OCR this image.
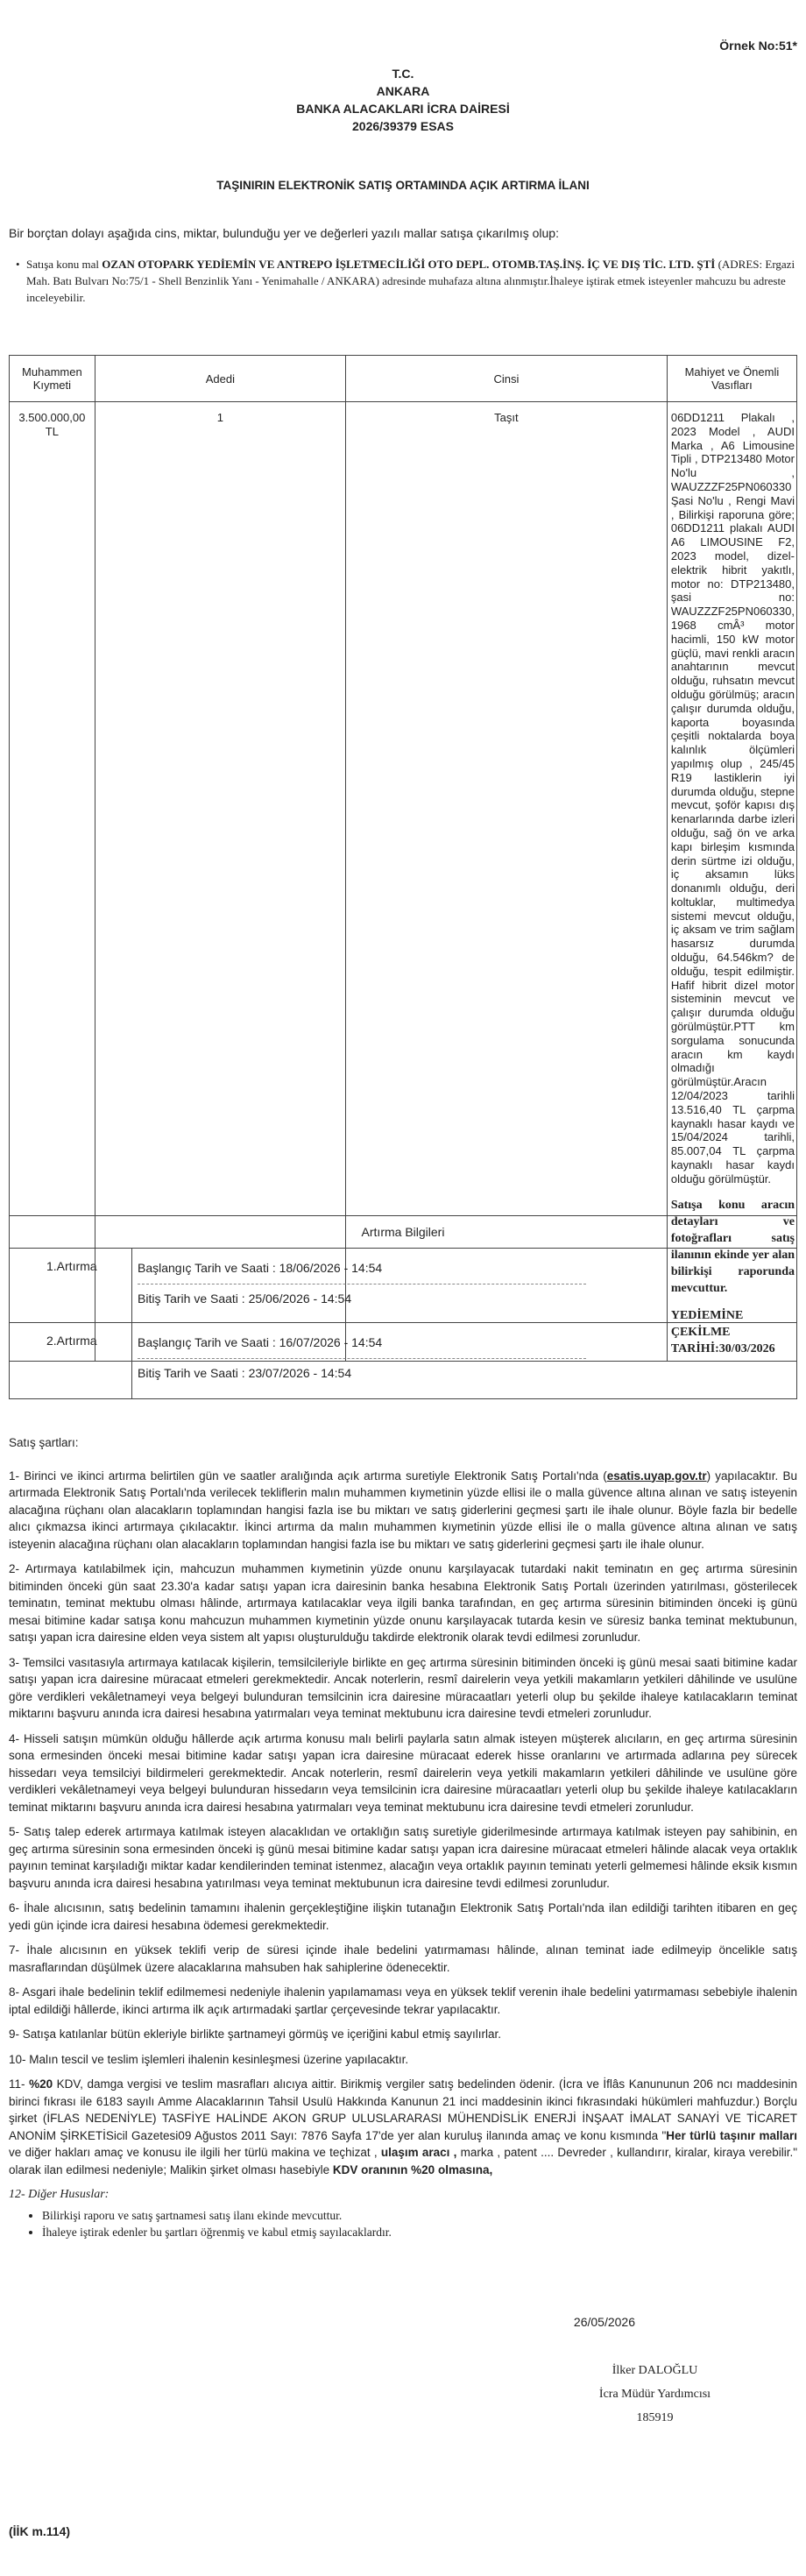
Örnek No:51*
T.C.
ANKARA
BANKA ALACAKLARI İCRA DAİRESİ
2026/39379 ESAS
TAŞINIRIN ELEKTRONİK SATIŞ ORTAMINDA AÇIK ARTIRMA İLANI
Bir borçtan dolayı aşağıda cins, miktar, bulunduğu yer ve değerleri yazılı mallar satışa çıkarılmış olup:
• Satışa konu mal OZAN OTOPARK YEDİEMİN VE ANTREPO İŞLETMECİLİĞİ OTO DEPL. OTOMB.TAŞ.İNŞ. İÇ VE DIŞ TİC. LTD. ŞTİ (ADRES: Ergazi Mah. Batı Bulvarı No:75/1 - Shell Benzinlik Yanı - Yenimahalle / ANKARA) adresinde muhafaza altına alınmıştır.İhaleye iştirak etmek isteyenler mahcuzu bu adreste inceleyebilir.
Muhammen Kıymeti	Adedi	Cinsi	Mahiyet ve Önemli Vasıfları
3.500.000,00 TL	1	Taşıt	06DD1211 Plakalı , 2023 Model , AUDI Marka , A6 Limousine Tipli , DTP213480 Motor No'lu , WAUZZZF25PN060330 Şasi No'lu , Rengi Mavi , Bilirkişi raporuna göre; 06DD1211 plakalı AUDI A6 LIMOUSINE F2, 2023 model, dizel-elektrik hibrit yakıtlı, motor no: DTP213480, şasi no: WAUZZZF25PN060330, 1968 cmÂ³ motor hacimli, 150 kW motor güçlü, mavi renkli aracın anahtarının mevcut olduğu, ruhsatın mevcut olduğu görülmüş; aracın çalışır durumda olduğu, kaporta boyasında çeşitli noktalarda boya kalınlık ölçümleri yapılmış olup , 245/45 R19 lastiklerin iyi durumda olduğu, stepne mevcut, şoför kapısı dış kenarlarında darbe izleri olduğu, sağ ön ve arka kapı birleşim kısmında derin sürtme izi olduğu, iç aksamın lüks donanımlı olduğu, deri koltuklar, multimedya sistemi mevcut olduğu, iç aksam ve trim sağlam hasarsız durumda olduğu, 64.546km? de olduğu, tespit edilmiştir. Hafif hibrit dizel motor sisteminin mevcut ve çalışır durumda olduğu görülmüştür.PTT km sorgulama sonucunda aracın km kaydı olmadığı görülmüştür.Aracın 12/04/2023 tarihli 13.516,40 TL çarpma kaynaklı hasar kaydı ve 15/04/2024 tarihli, 85.007,04 TL çarpma kaynaklı hasar kaydı olduğu görülmüştür.
Satışa konu aracın detayları ve fotoğrafları satış ilanının ekinde yer alan bilirkişi raporunda mevcuttur.
YEDİEMİNE ÇEKİLME TARİHİ:30/03/2026
Artırma Bilgileri
1.Artırma	Başlangıç Tarih ve Saati : 18/06/2026 - 14:54
Bitiş Tarih ve Saati : 25/06/2026 - 14:54
2.Artırma	Başlangıç Tarih ve Saati : 16/07/2026 - 14:54
Bitiş Tarih ve Saati : 23/07/2026 - 14:54

Satış şartları:

1- Birinci ve ikinci artırma belirtilen gün ve saatler aralığında açık artırma suretiyle Elektronik Satış Portalı'nda (esatis.uyap.gov.tr) yapılacaktır. Bu artırmada Elektronik Satış Portalı'nda verilecek tekliflerin malın muhammen kıymetinin yüzde ellisi ile o malla güvence altına alınan ve satış isteyenin alacağına rüçhanı olan alacakların toplamından hangisi fazla ise bu miktarı ve satış giderlerini geçmesi şartı ile ihale olunur. Böyle fazla bir bedelle alıcı çıkmazsa ikinci artırmaya çıkılacaktır. İkinci artırma da malın muhammen kıymetinin yüzde ellisi ile o malla güvence altına alınan ve satış isteyenin alacağına rüçhanı olan alacakların toplamından hangisi fazla ise bu miktarı ve satış giderlerini geçmesi şartı ile ihale olunur.

2- Artırmaya katılabilmek için, mahcuzun muhammen kıymetinin yüzde onunu karşılayacak tutardaki nakit teminatın en geç artırma süresinin bitiminden önceki gün saat 23.30'a kadar satışı yapan icra dairesinin banka hesabına Elektronik Satış Portalı üzerinden yatırılması, gösterilecek teminatın, teminat mektubu olması hâlinde, artırmaya katılacaklar veya ilgili banka tarafından, en geç artırma süresinin bitiminden önceki iş günü mesai bitimine kadar satışa konu mahcuzun muhammen kıymetinin yüzde onunu karşılayacak tutarda kesin ve süresiz banka teminat mektubunun, satışı yapan icra dairesine elden veya sistem alt yapısı oluşturulduğu takdirde elektronik olarak tevdi edilmesi zorunludur.

3- Temsilci vasıtasıyla artırmaya katılacak kişilerin, temsilcileriyle birlikte en geç artırma süresinin bitiminden önceki iş günü mesai saati bitimine kadar satışı yapan icra dairesine müracaat etmeleri gerekmektedir. Ancak noterlerin, resmî dairelerin veya yetkili makamların yetkileri dâhilinde ve usulüne göre verdikleri vekâletnameyi veya belgeyi bulunduran temsilcinin icra dairesine müracaatları yeterli olup bu şekilde ihaleye katılacakların teminat miktarını başvuru anında icra dairesi hesabına yatırmaları veya teminat mektubunu icra dairesine tevdi etmeleri zorunludur.

4- Hisseli satışın mümkün olduğu hâllerde açık artırma konusu malı belirli paylarla satın almak isteyen müşterek alıcıların, en geç artırma süresinin sona ermesinden önceki mesai bitimine kadar satışı yapan icra dairesine müracaat ederek hisse oranlarını ve artırmada adlarına pey sürecek hissedarı veya temsilciyi bildirmeleri gerekmektedir. Ancak noterlerin, resmî dairelerin veya yetkili makamların yetkileri dâhilinde ve usulüne göre verdikleri vekâletnameyi veya belgeyi bulunduran hissedarın veya temsilcinin icra dairesine müracaatları yeterli olup bu şekilde ihaleye katılacakların teminat miktarını başvuru anında icra dairesi hesabına yatırmaları veya teminat mektubunu icra dairesine tevdi etmeleri zorunludur.

5- Satış talep ederek artırmaya katılmak isteyen alacaklıdan ve ortaklığın satış suretiyle giderilmesinde artırmaya katılmak isteyen pay sahibinin, en geç artırma süresinin sona ermesinden önceki iş günü mesai bitimine kadar satışı yapan icra dairesine müracaat etmeleri hâlinde alacak veya ortaklık payının teminat karşıladığı miktar kadar kendilerinden teminat istenmez, alacağın veya ortaklık payının teminatı yeterli gelmemesi hâlinde eksik kısmın başvuru anında icra dairesi hesabına yatırılması veya teminat mektubunun icra dairesine tevdi edilmesi zorunludur.

6- İhale alıcısının, satış bedelinin tamamını ihalenin gerçekleştiğine ilişkin tutanağın Elektronik Satış Portalı'nda ilan edildiği tarihten itibaren en geç yedi gün içinde icra dairesi hesabına ödemesi gerekmektedir.

7- İhale alıcısının en yüksek teklifi verip de süresi içinde ihale bedelini yatırmaması hâlinde, alınan teminat iade edilmeyip öncelikle satış masraflarından düşülmek üzere alacaklarına mahsuben hak sahiplerine ödenecektir.

8- Asgari ihale bedelinin teklif edilmemesi nedeniyle ihalenin yapılamaması veya en yüksek teklif verenin ihale bedelini yatırmaması sebebiyle ihalenin iptal edildiği hâllerde, ikinci artırma ilk açık artırmadaki şartlar çerçevesinde tekrar yapılacaktır.

9- Satışa katılanlar bütün ekleriyle birlikte şartnameyi görmüş ve içeriğini kabul etmiş sayılırlar.

10- Malın tescil ve teslim işlemleri ihalenin kesinleşmesi üzerine yapılacaktır.

11- %20 KDV, damga vergisi ve teslim masrafları alıcıya aittir. Birikmiş vergiler satış bedelinden ödenir. (İcra ve İflâs Kanununun 206 ncı maddesinin birinci fıkrası ile 6183 sayılı Amme Alacaklarının Tahsil Usulü Hakkında Kanunun 21 inci maddesinin ikinci fıkrasındaki hükümleri mahfuzdur.) Borçlu şirket (İFLAS NEDENİYLE) TASFİYE HALİNDE AKON GRUP ULUSLARARASI MÜHENDİSLİK ENERJİ İNŞAAT İMALAT SANAYİ VE TİCARET ANONİM ŞİRKETİSicil Gazetesi09 Ağustos 2011 Sayı: 7876 Sayfa 17'de yer alan kuruluş ilanında amaç ve konu kısmında "Her türlü taşınır malları ve diğer hakları amaç ve konusu ile ilgili her türlü makina ve teçhizat , ulaşım aracı , marka , patent .... Devreder , kullandırır, kiralar, kiraya verebilir." olarak ilan edilmesi nedeniyle; Malikin şirket olması hasebiyle KDV oranının %20 olmasına,

12- Diğer Hususlar:

• Bilirkişi raporu ve satış şartnamesi satış ilanı ekinde mevcuttur.
• İhaleye iştirak edenler bu şartları öğrenmiş ve kabul etmiş sayılacaklardır.
26/05/2026
İlker DALOĞLU
İcra Müdür Yardımcısı
185919
(İİK m.114)
